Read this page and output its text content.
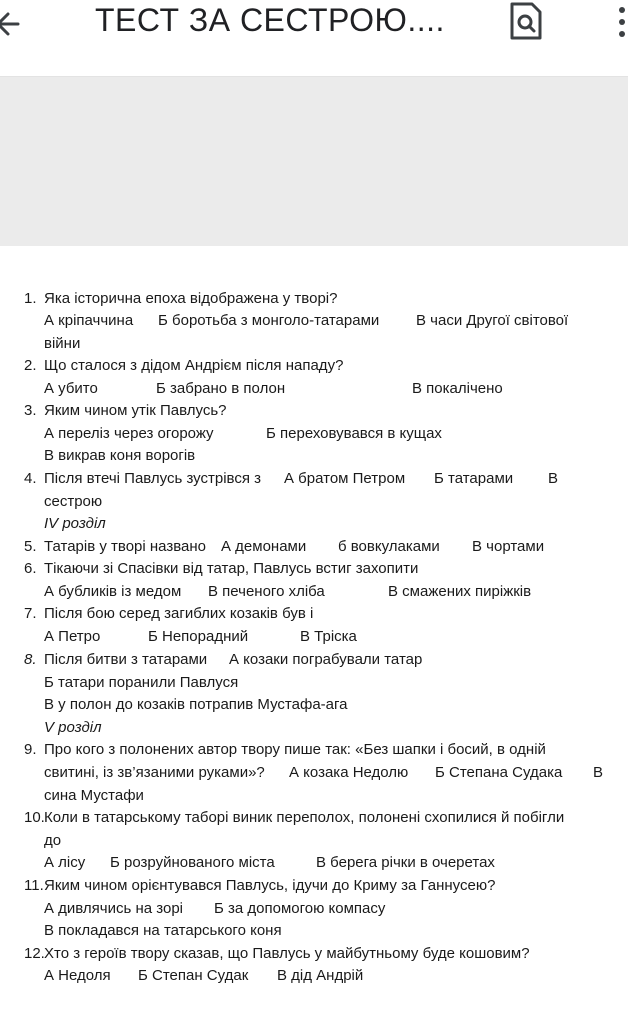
ТЕСТ ЗА СЕСТРОЮ....
1. Яка історична епоха відображена у творі?
А кріпаччина Б боротьба з монголо-татарами В часи Другої світової
війни
2. Що сталося з дідом Андрієм після нападу?
А убито	Б забрано в полон	В покалічено
3. Яким чином утік Павлусь?
А переліз через огорожу	Б переховувався в кущах
В викрав коня ворогів
4. Після втечі Павлусь зустрівся з А братом Петром Б татарами В
сестрою
IV розділ
5. Татарів у творі названо А демонами б вовкулаками В чортами
6. Тікаючи зі Спасівки від татар, Павлусь встиг захопити
А бубликів із медом В печеного хліба	В смажених пиріжків
7. Після бою серед загиблих козаків був і
А Петро	Б Непорадний	В Тріска
8. Після битви з татарами А козаки пограбували татар
Б татари поранили Павлуся
В у полон до козаків потрапив Мустафа-ага
V розділ
9. Про кого з полонених автор твору пише так: «Без шапки і босий, в одній
свитині, із зв’язаними руками»? А козака Недолю Б Степана Судака В
сина Мустафи
10. Коли в татарському таборі виник переполох, полонені схопилися й побігли
до
А лісу Б розруйнованого міста	В берега річки в очеретах
11. Яким чином орієнтувався Павлусь, ідучи до Криму за Ганнусею?
А дивлячись на зорі Б за допомогою компасу
В покладався на татарського коня
12. Хто з героїв твору сказав, що Павлусь у майбутньому буде кошовим?
А Недоля Б Степан Судак В дід Андрій
